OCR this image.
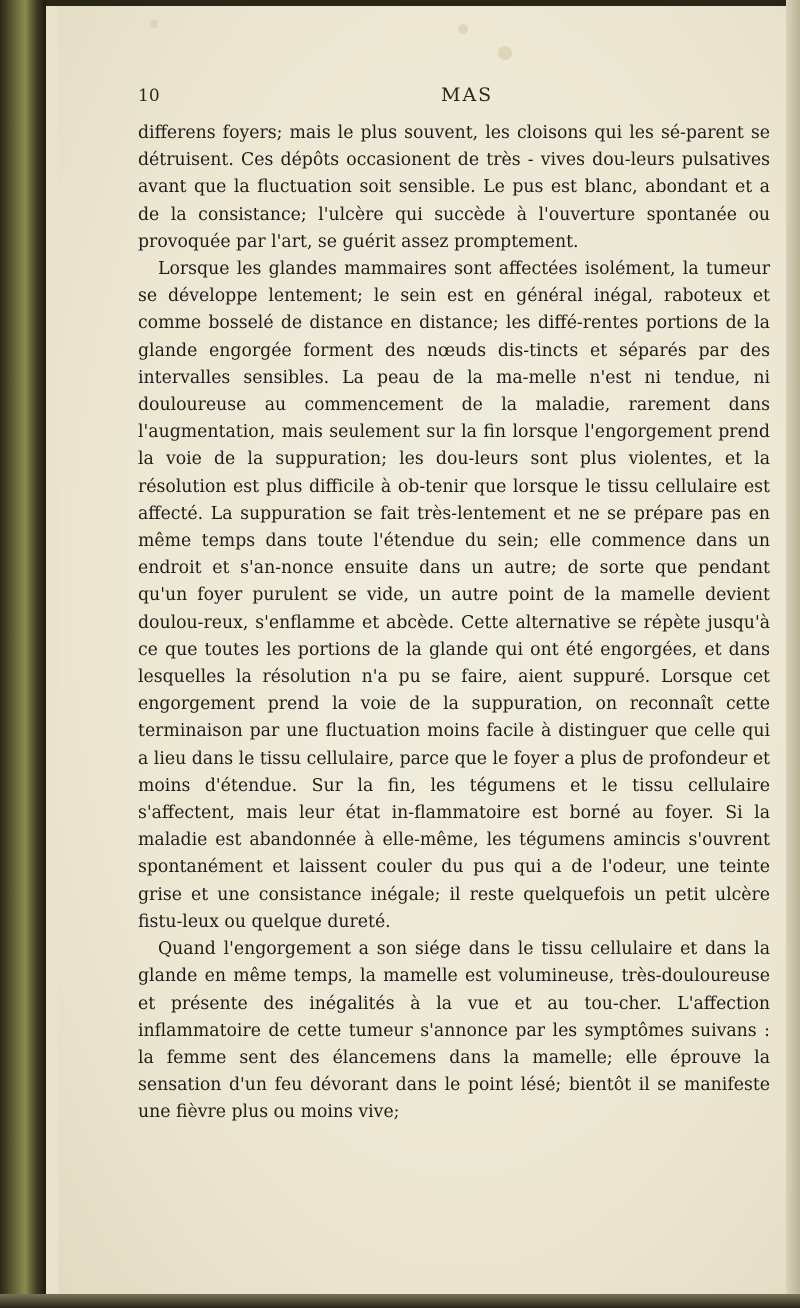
10	MAS

differens foyers; mais le plus souvent, les cloisons qui les sé-parent se détruisent. Ces dépôts occasionent de très - vives dou-leurs pulsatives avant que la fluctuation soit sensible. Le pus est blanc, abondant et a de la consistance; l'ulcère qui succède à l'ouverture spontanée ou provoquée par l'art, se guérit assez promptement.

Lorsque les glandes mammaires sont affectées isolément, la tumeur se développe lentement; le sein est en général inégal, raboteux et comme bosselé de distance en distance; les diffé-rentes portions de la glande engorgée forment des nœuds dis-tincts et séparés par des intervalles sensibles. La peau de la ma-melle n'est ni tendue, ni douloureuse au commencement de la maladie, rarement dans l'augmentation, mais seulement sur la fin lorsque l'engorgement prend la voie de la suppuration; les dou-leurs sont plus violentes, et la résolution est plus difficile à ob-tenir que lorsque le tissu cellulaire est affecté. La suppuration se fait très-lentement et ne se prépare pas en même temps dans toute l'étendue du sein; elle commence dans un endroit et s'an-nonce ensuite dans un autre; de sorte que pendant qu'un foyer purulent se vide, un autre point de la mamelle devient doulou-reux, s'enflamme et abcède. Cette alternative se répète jusqu'à ce que toutes les portions de la glande qui ont été engorgées, et dans lesquelles la résolution n'a pu se faire, aient suppuré. Lorsque cet engorgement prend la voie de la suppuration, on reconnaît cette terminaison par une fluctuation moins facile à distinguer que celle qui a lieu dans le tissu cellulaire, parce que le foyer a plus de profondeur et moins d'étendue. Sur la fin, les tégumens et le tissu cellulaire s'affectent, mais leur état in-flammatoire est borné au foyer. Si la maladie est abandonnée à elle-même, les tégumens amincis s'ouvrent spontanément et laissent couler du pus qui a de l'odeur, une teinte grise et une consistance inégale; il reste quelquefois un petit ulcère fistu-leux ou quelque dureté.

Quand l'engorgement a son siége dans le tissu cellulaire et dans la glande en même temps, la mamelle est volumineuse, très-douloureuse et présente des inégalités à la vue et au tou-cher. L'affection inflammatoire de cette tumeur s'annonce par les symptômes suivans : la femme sent des élancemens dans la mamelle; elle éprouve la sensation d'un feu dévorant dans le point lésé; bientôt il se manifeste une fièvre plus ou moins vive;
